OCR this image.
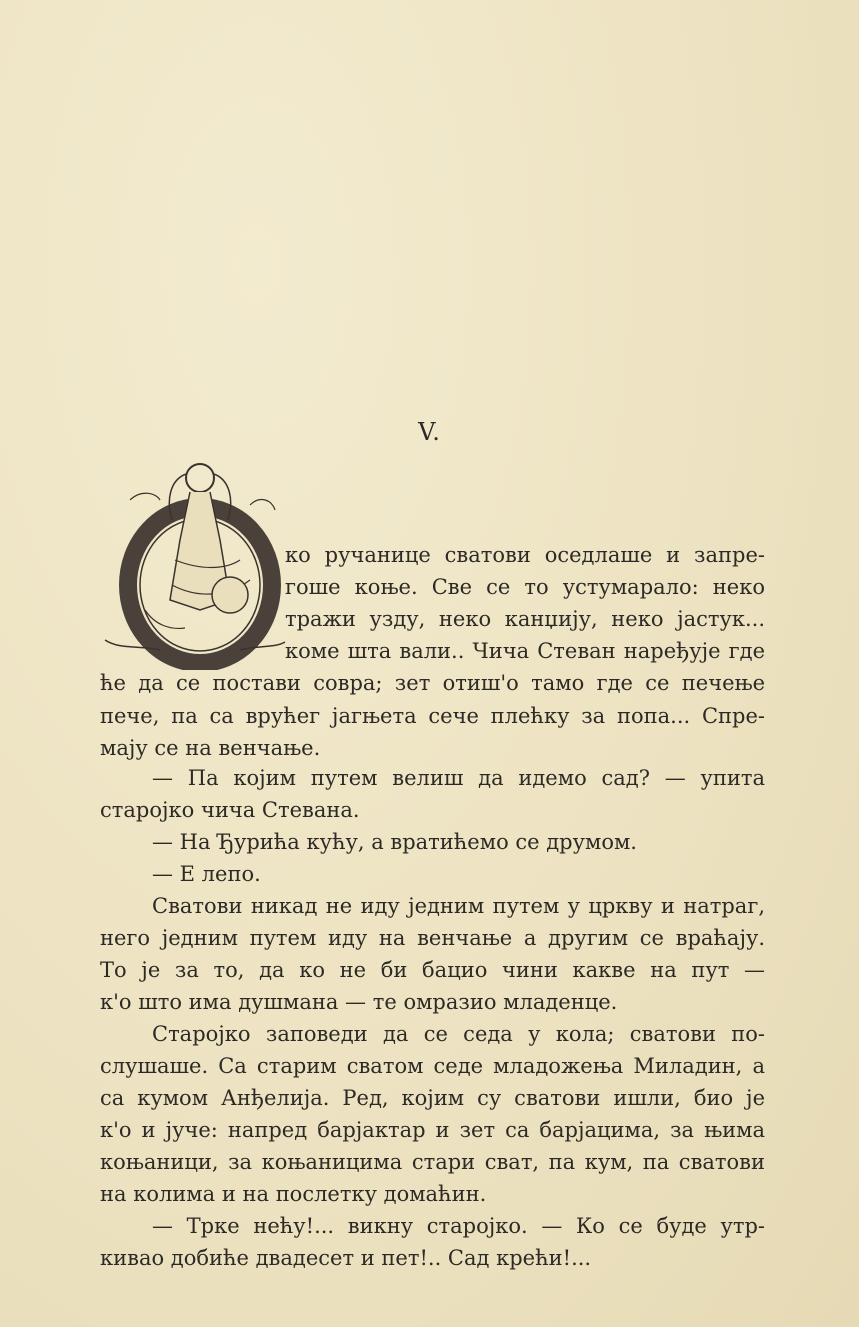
V.
ко ручанице сватови оседлаше и запре-
гоше коње. Све се то устумарало: неко
тражи узду, неко канџију, неко јастук...
коме шта вали.. Чича Стеван наређује где
ће да се постави совра; зет отиш'о тамо где се печење
пече, па са врућег јагњета сече плећку за попа... Спре-
мају се на венчање.
— Па којим путем велиш да идемо сад? — упита
старојко чича Стевана.
— На Ђурића кућу, а вратићемо се друмом.
— Е лепо.
Сватови никад не иду једним путем у цркву и натраг,
него једним путем иду на венчање а другим се враћају.
То је за то, да ко не би бацио чини какве на пут —
к'о што има душмана — те омразио младенце.
Старојко заповеди да се седа у кола; сватови по-
слушаше. Са старим сватом седе младожења Миладин, а
са кумом Анђелија. Ред, којим су сватови ишли, био је
к'о и јуче: напред барјактар и зет са барјацима, за њима
коњаници, за коњаницима стари сват, па кум, па сватови
на колима и на послетку домаћин.
— Трке нећу!... викну старојко. — Ко се буде утр-
кивао добиће двадесет и пет!.. Сад крећи!...
